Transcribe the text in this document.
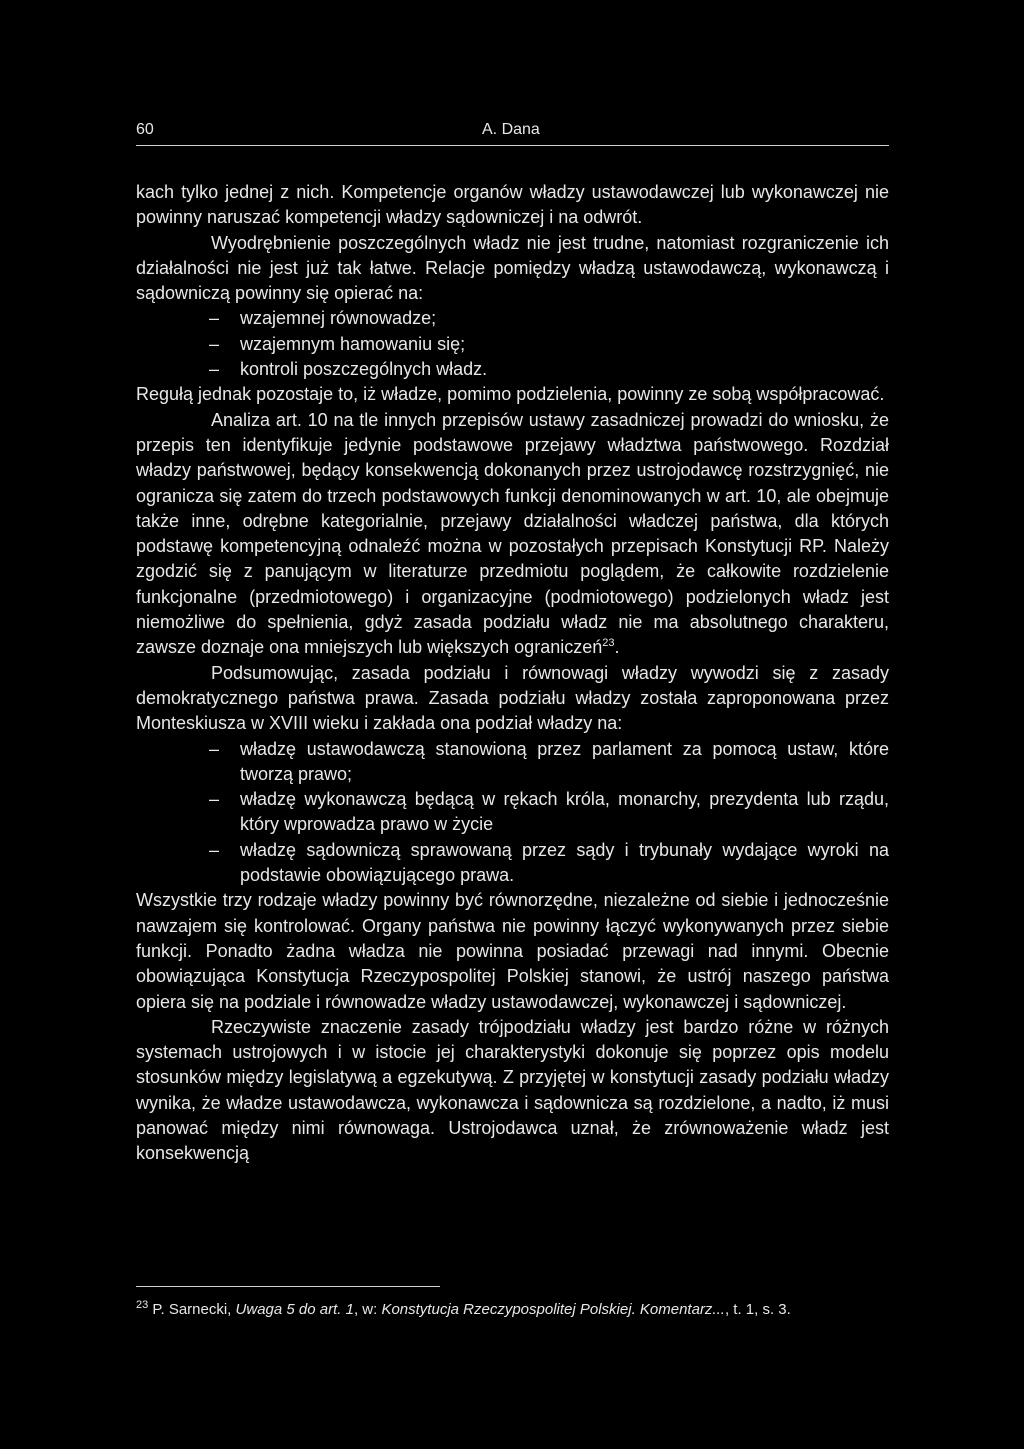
60	A. Dana

kach tylko jednej z nich. Kompetencje organów władzy ustawodawczej lub wykonawczej nie powinny naruszać kompetencji władzy sądowniczej i na odwrót.

Wyodrębnienie poszczególnych władz nie jest trudne, natomiast rozgraniczenie ich działalności nie jest już tak łatwe. Relacje pomiędzy władzą ustawodawczą, wykonawczą i sądowniczą powinny się opierać na:

– wzajemnej równowadze;
– wzajemnym hamowaniu się;
– kontroli poszczególnych władz.

Regułą jednak pozostaje to, iż władze, pomimo podzielenia, powinny ze sobą współpracować.

Analiza art. 10 na tle innych przepisów ustawy zasadniczej prowadzi do wniosku, że przepis ten identyfikuje jedynie podstawowe przejawy władztwa państwowego. Rozdział władzy państwowej, będący konsekwencją dokonanych przez ustrojodawcę rozstrzygnięć, nie ogranicza się zatem do trzech podstawowych funkcji denominowanych w art. 10, ale obejmuje także inne, odrębne kategorialnie, przejawy działalności władczej państwa, dla których podstawę kompetencyjną odnaleźć można w pozostałych przepisach Konstytucji RP. Należy zgodzić się z panującym w literaturze przedmiotu poglądem, że całkowite rozdzielenie funkcjonalne (przedmiotowego) i organizacyjne (podmiotowego) podzielonych władz jest niemożliwe do spełnienia, gdyż zasada podziału władz nie ma absolutnego charakteru, zawsze doznaje ona mniejszych lub większych ograniczeń$^{23}$.

Podsumowując, zasada podziału i równowagi władzy wywodzi się z zasady demokratycznego państwa prawa. Zasada podziału władzy została zaproponowana przez Monteskiusza w XVIII wieku i zakłada ona podział władzy na:

– władzę ustawodawczą stanowioną przez parlament za pomocą ustaw, które tworzą prawo;
– władzę wykonawczą będącą w rękach króla, monarchy, prezydenta lub rządu, który wprowadza prawo w życie
– władzę sądowniczą sprawowaną przez sądy i trybunały wydające wyroki na podstawie obowiązującego prawa.

Wszystkie trzy rodzaje władzy powinny być równorzędne, niezależne od siebie i jednocześnie nawzajem się kontrolować. Organy państwa nie powinny łączyć wykonywanych przez siebie funkcji. Ponadto żadna władza nie powinna posiadać przewagi nad innymi. Obecnie obowiązująca Konstytucja Rzeczypospolitej Polskiej stanowi, że ustrój naszego państwa opiera się na podziale i równowadze władzy ustawodawczej, wykonawczej i sądowniczej.

Rzeczywiste znaczenie zasady trójpodziału władzy jest bardzo różne w różnych systemach ustrojowych i w istocie jej charakterystyki dokonuje się poprzez opis modelu stosunków między legislatywą a egzekutywą. Z przyjętej w konstytucji zasady podziału władzy wynika, że władze ustawodawcza, wykonawcza i sądownicza są rozdzielone, a nadto, iż musi panować między nimi równowaga. Ustrojodawca uznał, że zrównoważenie władz jest konsekwencją

$^{23}$ P. Sarnecki, Uwaga 5 do art. 1, w: Konstytucja Rzeczypospolitej Polskiej. Komentarz..., t. 1, s. 3.
